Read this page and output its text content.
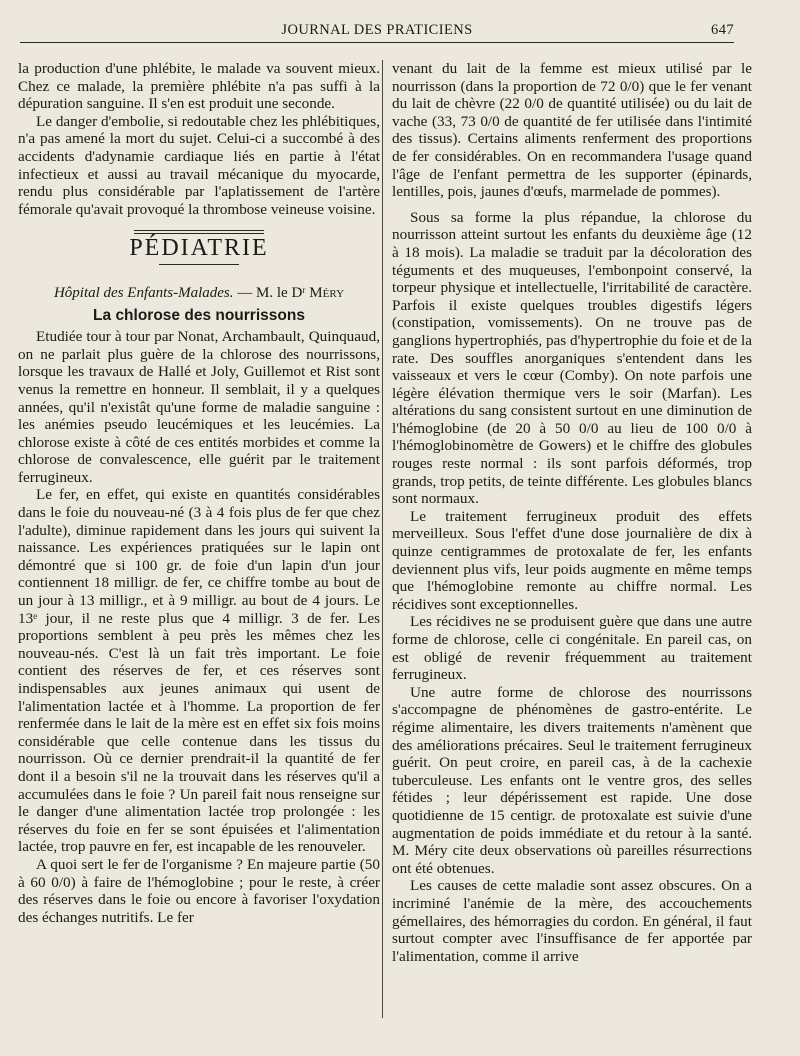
JOURNAL DES PRATICIENS	647

la production d'une phlébite, le malade va souvent mieux. Chez ce malade, la première phlébite n'a pas suffi à la dépuration sanguine. Il s'en est produit une seconde.

Le danger d'embolie, si redoutable chez les phlébitiques, n'a pas amené la mort du sujet. Celui-ci a succombé à des accidents d'adynamie cardiaque liés en partie à l'état infectieux et aussi au travail mécanique du myocarde, rendu plus considérable par l'aplatissement de l'artère fémorale qu'avait provoqué la thrombose veineuse voisine.

PÉDIATRIE
Hôpital des Enfants-Malades. — M. le Dʳ Méry
La chlorose des nourrissons

Etudiée tour à tour par Nonat, Archambault, Quinquaud, on ne parlait plus guère de la chlorose des nourrissons, lorsque les travaux de Hallé et Joly, Guillemot et Rist sont venus la remettre en honneur. Il semblait, il y a quelques années, qu'il n'existât qu'une forme de maladie sanguine : les anémies pseudo leucémiques et les leucémies. La chlorose existe à côté de ces entités morbides et comme la chlorose de convalescence, elle guérit par le traitement ferrugineux.

Le fer, en effet, qui existe en quantités considérables dans le foie du nouveau-né (3 à 4 fois plus de fer que chez l'adulte), diminue rapidement dans les jours qui suivent la naissance. Les expériences pratiquées sur le lapin ont démontré que si 100 gr. de foie d'un lapin d'un jour contiennent 18 milligr. de fer, ce chiffre tombe au bout de un jour à 13 milligr., et à 9 milligr. au bout de 4 jours. Le 13ᵉ jour, il ne reste plus que 4 milligr. 3 de fer. Les proportions semblent à peu près les mêmes chez les nouveau-nés. C'est là un fait très important. Le foie contient des réserves de fer, et ces réserves sont indispensables aux jeunes animaux qui usent de l'alimentation lactée et à l'homme. La proportion de fer renfermée dans le lait de la mère est en effet six fois moins considérable que celle contenue dans les tissus du nourrisson. Où ce dernier prendrait-il la quantité de fer dont il a besoin s'il ne la trouvait dans les réserves qu'il a accumulées dans le foie ? Un pareil fait nous renseigne sur le danger d'une alimentation lactée trop prolongée : les réserves du foie en fer se sont épuisées et l'alimentation lactée, trop pauvre en fer, est incapable de les renouveler.

A quoi sert le fer de l'organisme ? En majeure partie (50 à 60 0/0) à faire de l'hémoglobine ; pour le reste, à créer des réserves dans le foie ou encore à favoriser l'oxydation des échanges nutritifs. Le fer

venant du lait de la femme est mieux utilisé par le nourrisson (dans la proportion de 72 0/0) que le fer venant du lait de chèvre (22 0/0 de quantité utilisée) ou du lait de vache (33, 73 0/0 de quantité de fer utilisée dans l'intimité des tissus). Certains aliments renferment des proportions de fer considérables. On en recommandera l'usage quand l'âge de l'enfant permettra de les supporter (épinards, lentilles, pois, jaunes d'œufs, marmelade de pommes).

Sous sa forme la plus répandue, la chlorose du nourrisson atteint surtout les enfants du deuxième âge (12 à 18 mois). La maladie se traduit par la décoloration des téguments et des muqueuses, l'embonpoint conservé, la torpeur physique et intellectuelle, l'irritabilité de caractère. Parfois il existe quelques troubles digestifs légers (constipation, vomissements). On ne trouve pas de ganglions hypertrophiés, pas d'hypertrophie du foie et de la rate. Des souffles anorganiques s'entendent dans les vaisseaux et vers le cœur (Comby). On note parfois une légère élévation thermique vers le soir (Marfan). Les altérations du sang consistent surtout en une diminution de l'hémoglobine (de 20 à 50 0/0 au lieu de 100 0/0 à l'hémoglobinomètre de Gowers) et le chiffre des globules rouges reste normal : ils sont parfois déformés, trop grands, trop petits, de teinte différente. Les globules blancs sont normaux.

Le traitement ferrugineux produit des effets merveilleux. Sous l'effet d'une dose journalière de dix à quinze centigrammes de protoxalate de fer, les enfants deviennent plus vifs, leur poids augmente en même temps que l'hémoglobine remonte au chiffre normal. Les récidives sont exceptionnelles.

Les récidives ne se produisent guère que dans une autre forme de chlorose, celle ci congénitale. En pareil cas, on est obligé de revenir fréquemment au traitement ferrugineux.

Une autre forme de chlorose des nourrissons s'accompagne de phénomènes de gastro-entérite. Le régime alimentaire, les divers traitements n'amènent que des améliorations précaires. Seul le traitement ferrugineux guérit. On peut croire, en pareil cas, à de la cachexie tuberculeuse. Les enfants ont le ventre gros, des selles fétides ; leur dépérissement est rapide. Une dose quotidienne de 15 centigr. de protoxalate est suivie d'une augmentation de poids immédiate et du retour à la santé. M. Méry cite deux observations où pareilles résurrections ont été obtenues.

Les causes de cette maladie sont assez obscures. On a incriminé l'anémie de la mère, des accouchements gémellaires, des hémorragies du cordon. En général, il faut surtout compter avec l'insuffisance de fer apportée par l'alimentation, comme il arrive
